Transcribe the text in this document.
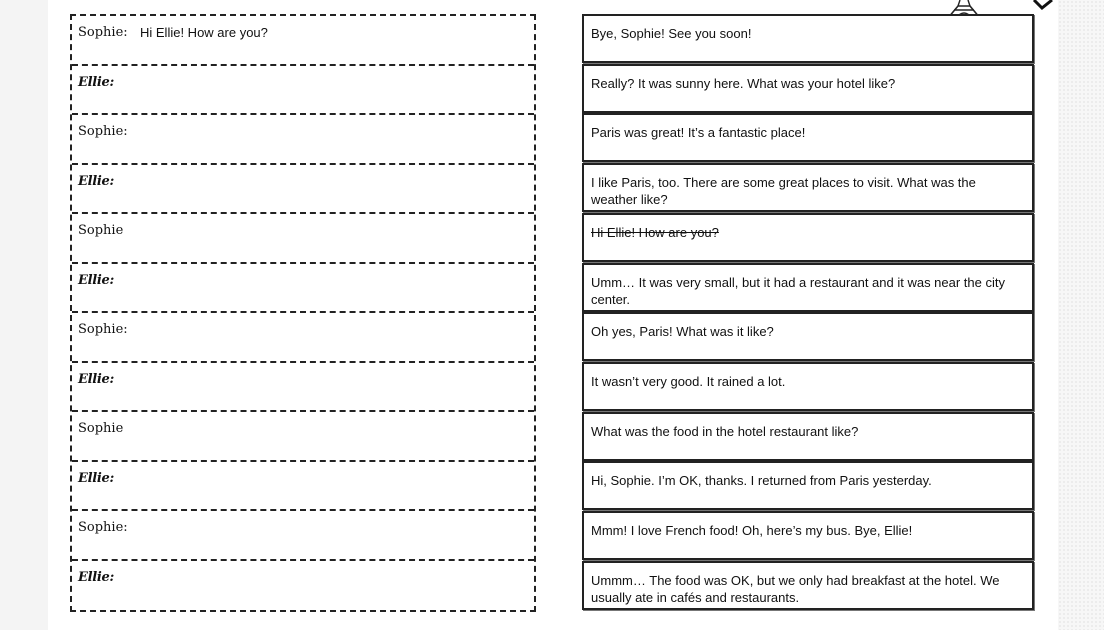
Sophie: Hi Ellie! How are you?
Ellie:
Sophie:
Ellie:
Sophie
Ellie:
Sophie:
Ellie:
Sophie
Ellie:
Sophie:
Ellie:
Bye, Sophie! See you soon!
Really? It was sunny here. What was your hotel like?
Paris was great! It’s a fantastic place!
I like Paris, too. There are some great places to visit. What was the weather like?
Hi Ellie! How are you?
Umm… It was very small, but it had a restaurant and it was near the city center.
Oh yes, Paris! What was it like?
It wasn’t very good. It rained a lot.
What was the food in the hotel restaurant like?
Hi, Sophie. I’m OK, thanks. I returned from Paris yesterday.
Mmm! I love French food! Oh, here’s my bus. Bye, Ellie!
Ummm… The food was OK, but we only had breakfast at the hotel. We usually ate in cafés and restaurants.
